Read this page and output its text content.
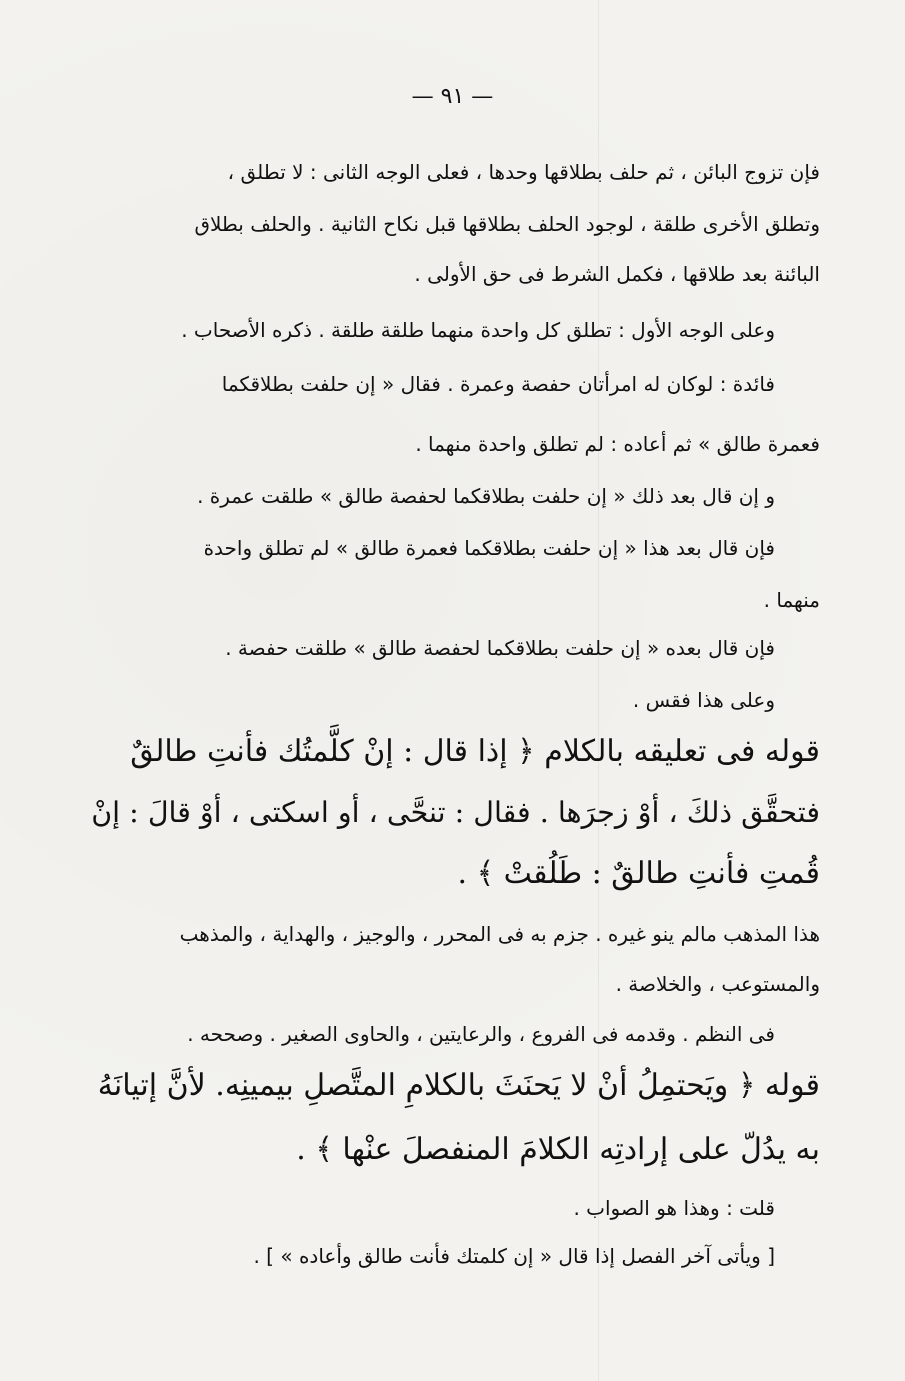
— ٩١ —
فإن تزوج البائن ، ثم حلف بطلاقها وحدها ، فعلى الوجه الثانى : لا تطلق ،
وتطلق الأخرى طلقة ، لوجود الحلف بطلاقها قبل نكاح الثانية . والحلف بطلاق
البائنة بعد طلاقها ، فكمل الشرط فى حق الأولى .
وعلى الوجه الأول : تطلق كل واحدة منهما طلقة طلقة . ذكره الأصحاب .
فائدة : لوكان له امرأتان حفصة وعمرة . فقال « إن حلفت بطلاقكما
فعمرة طالق » ثم أعاده : لم تطلق واحدة منهما .
و إن قال بعد ذلك « إن حلفت بطلاقكما لحفصة طالق » طلقت عمرة .
فإن قال بعد هذا « إن حلفت بطلاقكما فعمرة طالق » لم تطلق واحدة
منهما .
فإن قال بعده « إن حلفت بطلاقكما لحفصة طالق » طلقت حفصة .
وعلى هذا فقس .
قوله فى تعليقه بالكلام ﴿ إذا قال : إنْ كلَّمتُك فأنتِ طالقٌ
فتحقَّق ذلكَ ، أوْ زجرَها . فقال : تنحَّى ، أو اسكتى ، أوْ قالَ : إنْ
قُمتِ فأنتِ طالقٌ : طَلُقتْ ﴾ .
هذا المذهب مالم ينو غيره . جزم به فى المحرر ، والوجيز ، والهداية ، والمذهب
والمستوعب ، والخلاصة .
فى النظم . وقدمه فى الفروع ، والرعايتين ، والحاوى الصغير . وصححه .
قوله ﴿ ويَحتمِلُ أنْ لا يَحنَثَ بالكلامِ المتَّصلِ بيمينِه. لأنَّ إتيانَهُ
به يدُلّ على إرادتِه الكلامَ المنفصلَ عنْها ﴾ .
قلت : وهذا هو الصواب .
[ ويأتى آخر الفصل إذا قال « إن كلمتك فأنت طالق وأعاده » ] .
